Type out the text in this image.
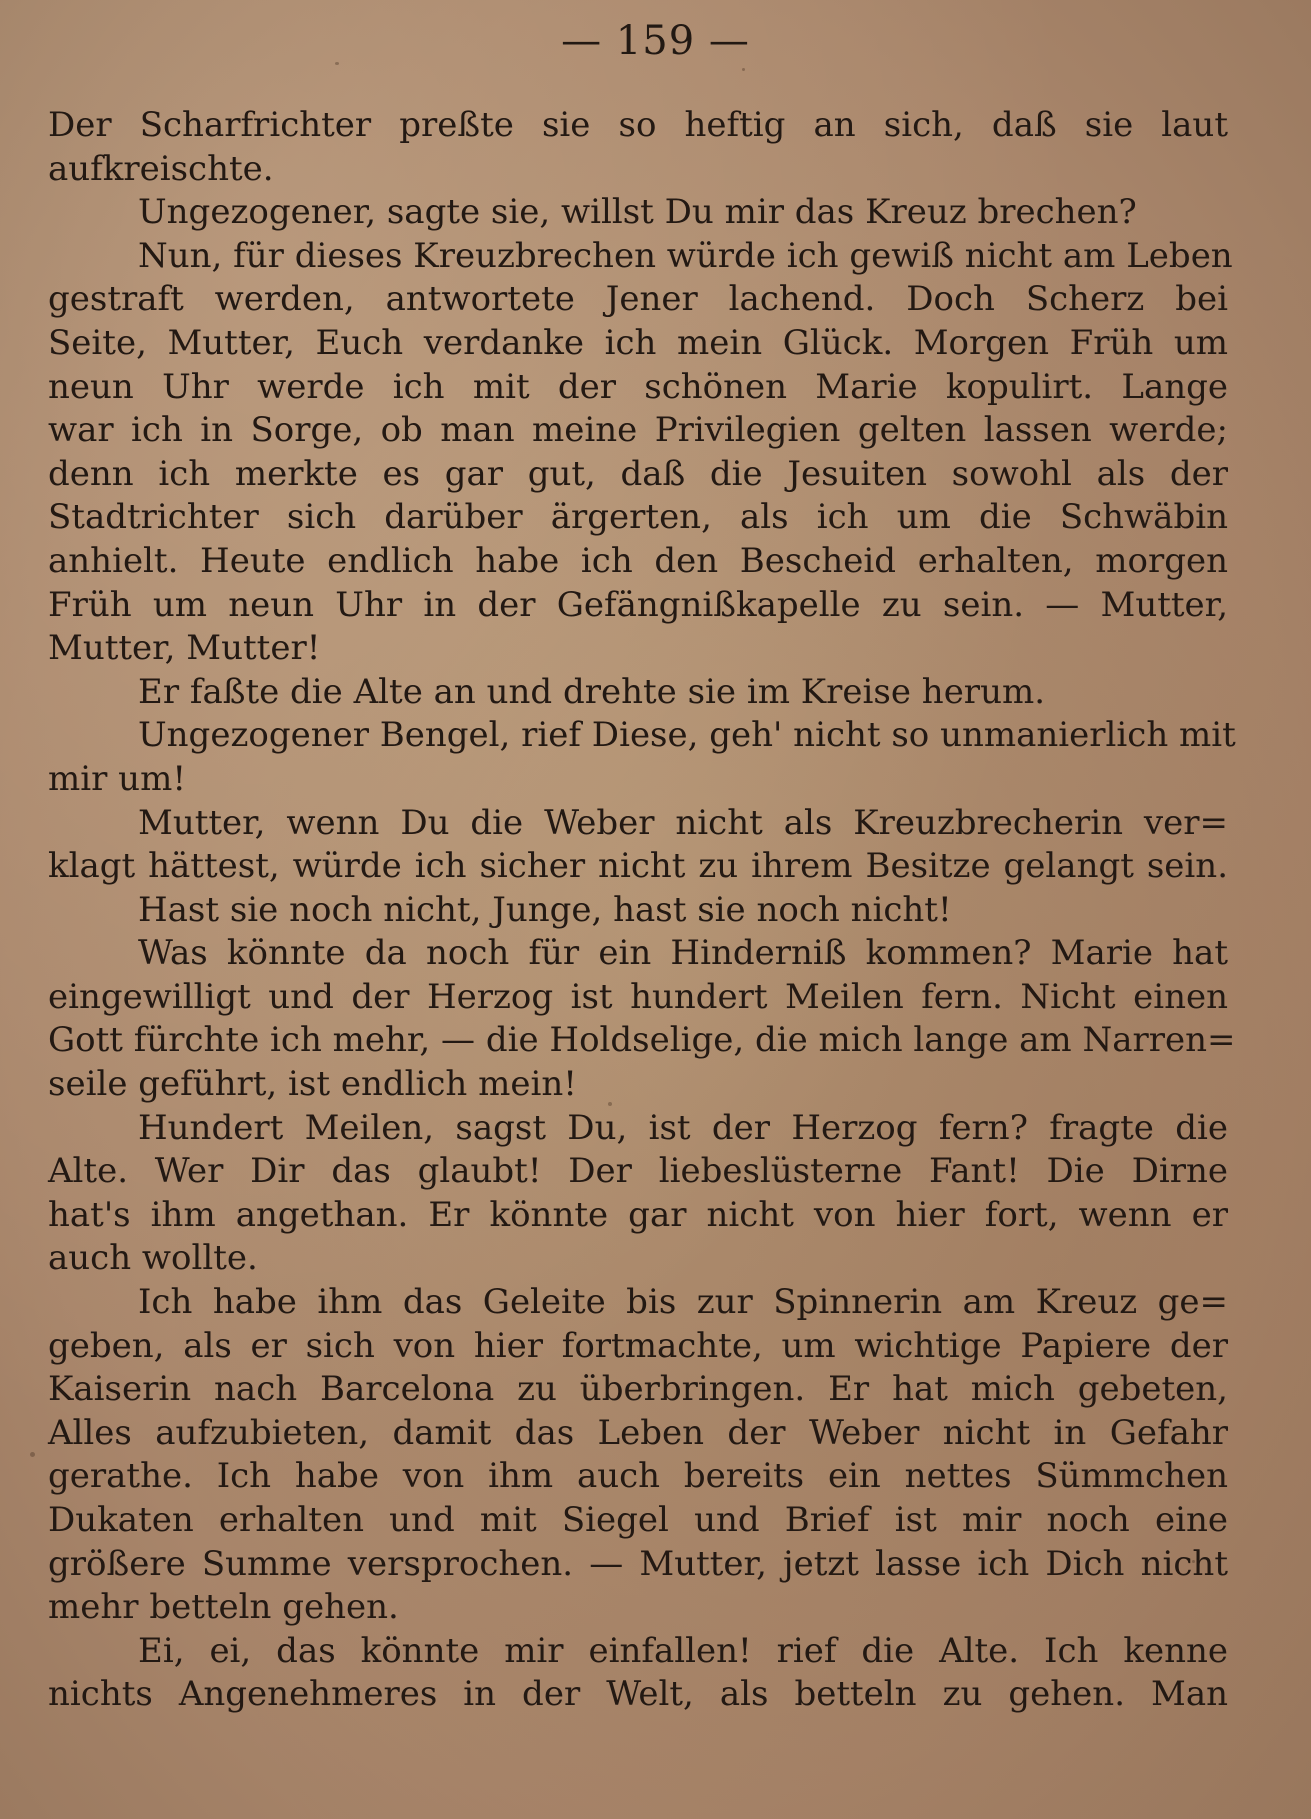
— 159 —
Der Scharfrichter preßte sie so heftig an sich, daß sie laut
aufkreischte.
Ungezogener, sagte sie, willst Du mir das Kreuz brechen?
Nun, für dieses Kreuzbrechen würde ich gewiß nicht am Leben
gestraft werden, antwortete Jener lachend. Doch Scherz bei
Seite, Mutter, Euch verdanke ich mein Glück. Morgen Früh um
neun Uhr werde ich mit der schönen Marie kopulirt. Lange
war ich in Sorge, ob man meine Privilegien gelten lassen werde;
denn ich merkte es gar gut, daß die Jesuiten sowohl als der
Stadtrichter sich darüber ärgerten, als ich um die Schwäbin
anhielt. Heute endlich habe ich den Bescheid erhalten, morgen
Früh um neun Uhr in der Gefängnißkapelle zu sein. — Mutter,
Mutter, Mutter!
Er faßte die Alte an und drehte sie im Kreise herum.
Ungezogener Bengel, rief Diese, geh' nicht so unmanierlich mit
mir um!
Mutter, wenn Du die Weber nicht als Kreuzbrecherin ver=
klagt hättest, würde ich sicher nicht zu ihrem Besitze gelangt sein.
Hast sie noch nicht, Junge, hast sie noch nicht!
Was könnte da noch für ein Hinderniß kommen? Marie hat
eingewilligt und der Herzog ist hundert Meilen fern. Nicht einen
Gott fürchte ich mehr, — die Holdselige, die mich lange am Narren=
seile geführt, ist endlich mein!
Hundert Meilen, sagst Du, ist der Herzog fern? fragte die
Alte. Wer Dir das glaubt! Der liebeslüsterne Fant! Die Dirne
hat's ihm angethan. Er könnte gar nicht von hier fort, wenn er
auch wollte.
Ich habe ihm das Geleite bis zur Spinnerin am Kreuz ge=
geben, als er sich von hier fortmachte, um wichtige Papiere der
Kaiserin nach Barcelona zu überbringen. Er hat mich gebeten,
Alles aufzubieten, damit das Leben der Weber nicht in Gefahr
gerathe. Ich habe von ihm auch bereits ein nettes Sümmchen
Dukaten erhalten und mit Siegel und Brief ist mir noch eine
größere Summe versprochen. — Mutter, jetzt lasse ich Dich nicht
mehr betteln gehen.
Ei, ei, das könnte mir einfallen! rief die Alte. Ich kenne
nichts Angenehmeres in der Welt, als betteln zu gehen. Man
